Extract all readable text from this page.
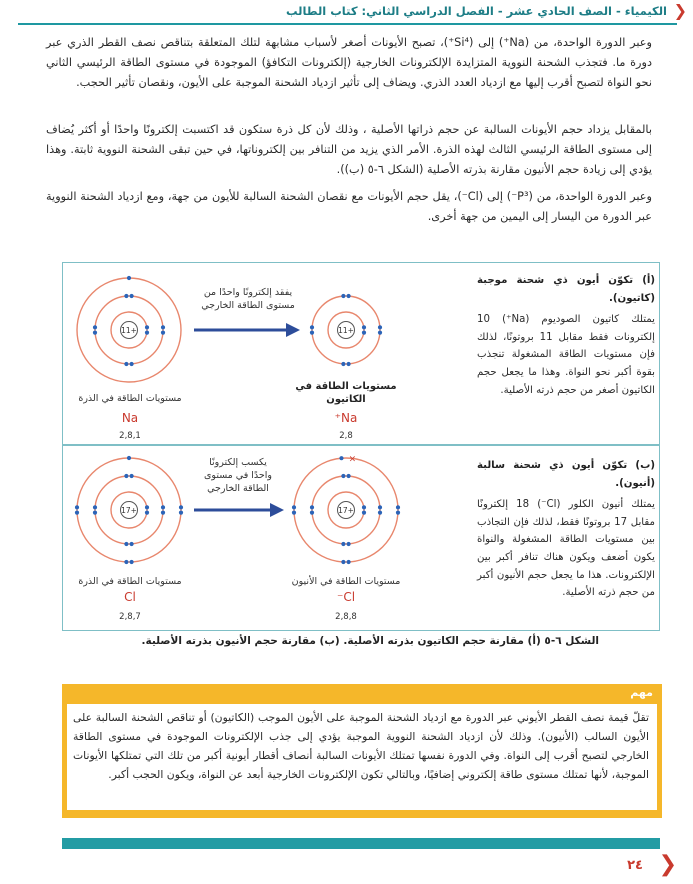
❮
الكيمياء - الصف الحادي عشر - الفصل الدراسي الثاني: كتاب الطالب

وعبر الدورة الواحدة، من (Na⁺) إلى (Si⁴⁺)، تصبح الأيونات أصغر لأسباب مشابهة لتلك المتعلقة بتناقص نصف القطر الذري عبر دورة ما. فتجذب الشحنة النووية المتزايدة الإلكترونات الخارجية (إلكترونات التكافؤ) الموجودة في مستوى الطاقة الرئيسي الثاني نحو النواة لتصبح أقرب إليها مع ازدياد العدد الذري. ويضاف إلى تأثير ازدياد الشحنة الموجبة على الأيون، ونقصان تأثير الحجب.

بالمقابل يزداد حجم الأيونات السالبة عن حجم ذراتها الأصلية ، وذلك لأن كل ذرة ستكون قد اكتسبت إلكترونًا واحدًا أو أكثر يُضاف إلى مستوى الطاقة الرئيسي الثالث لهذه الذرة. الأمر الذي يزيد من التنافر بين إلكتروناتها، في حين تبقى الشحنة النووية ثابتة. وهذا يؤدي إلى زيادة حجم الأنيون مقارنة بذرته الأصلية (الشكل ٦-٥ (ب)).

وعبر الدورة الواحدة، من (P³⁻) إلى (Cl⁻)، يقل حجم الأيونات مع نقصان الشحنة السالبة للأيون من جهة، ومع ازدياد الشحنة النووية عبر الدورة من اليسار إلى اليمين من جهة أخرى.

(أ) تكوّن أيون ذي شحنة موجبة (كاتيون).
يمتلك كاتيون الصوديوم (Na⁺) 10 إلكترونات فقط مقابل 11 بروتونًا، لذلك فإن مستويات الطاقة المشغولة تنجذب بقوة أكبر نحو النواة. وهذا ما يجعل حجم الكاتيون أصغر من حجم ذرته الأصلية.
(ب) تكوّن أيون ذي شحنة سالبة (أنيون).
يمتلك أنيون الكلور (Cl⁻) 18 إلكترونًا مقابل 17 بروتونًا فقط، لذلك فإن التجاذب بين مستويات الطاقة المشغولة والنواة يكون أضعف ويكون هناك تنافر أكبر بين الإلكترونات. هذا ما يجعل حجم الأنيون أكبر من حجم ذرته الأصلية.
+11	+11
يفقد إلكترونًا واحدًا من
مستوى الطاقة الخارجي
مستويات الطاقة في الذرة
مستويات الطاقة في
الكاتيون
Na
2,8,1
Na⁺
2,8
+17	+17
×
يكسب إلكترونًا
واحدًا في مستوى
الطاقة الخارجي
مستويات الطاقة في الذرة	مستويات الطاقة في الأنيون
Cl
2,8,7
Cl⁻
2,8,8

الشكل ٦-٥ (أ) مقارنة حجم الكاتيون بذرته الأصلية. (ب) مقارنة حجم الأنيون بذرته الأصلية.

مهم

تقلّ قيمة نصف القطر الأيوني عبر الدورة مع ازدياد الشحنة الموجبة على الأيون الموجب (الكاتيون) أو تناقص الشحنة السالبة على الأيون السالب (الأنيون). وذلك لأن ازدياد الشحنة النووية الموجبة يؤدي إلى جذب الإلكترونات الموجودة في مستوى الطاقة الخارجي لتصبح أقرب إلى النواة. وفي الدورة نفسها تمتلك الأيونات السالبة أنصاف أقطار أيونية أكبر من تلك التي تمتلكها الأيونات الموجبة، لأنها تمتلك مستوى طاقة إلكتروني إضافيًا، وبالتالي تكون الإلكترونات الخارجية أبعد عن النواة، ويكون الحجب أكبر.

٢٤ ❮
